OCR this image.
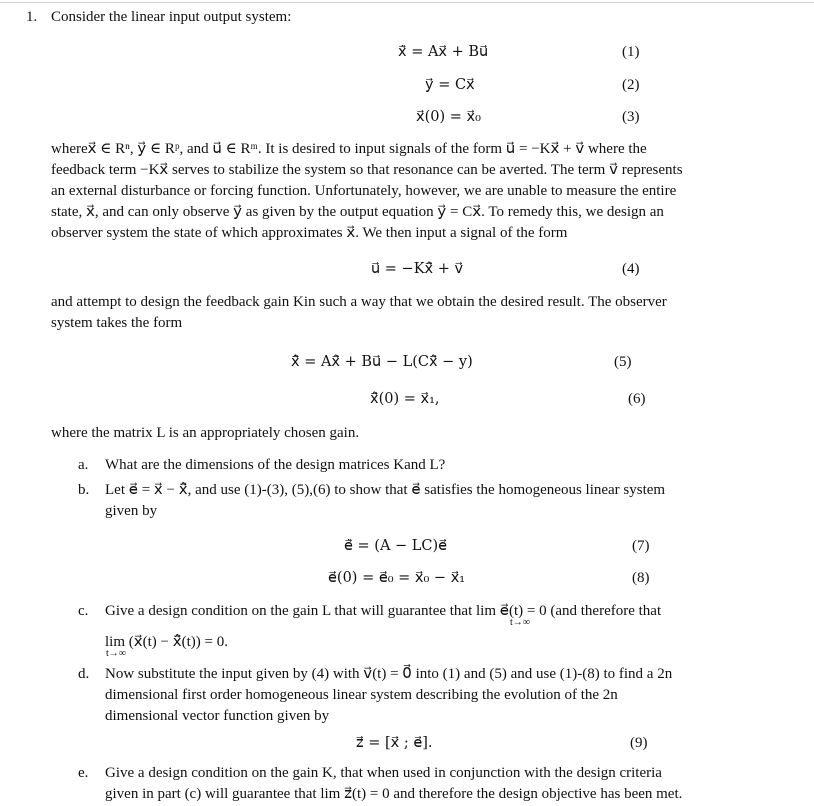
1. Consider the linear input output system:
x⃗̇ = Ax⃗ + Bu⃗	(1)
y⃗ = Cx⃗	(2)
x⃗(0) = x⃗₀	(3)
wherex⃗ ∈ Rⁿ, y⃗ ∈ Rᵖ, and u⃗ ∈ Rᵐ. It is desired to input signals of the form u⃗ = −Kx⃗ + v⃗ where the
feedback term −Kx⃗ serves to stabilize the system so that resonance can be averted. The term v⃗ represents
an external disturbance or forcing function. Unfortunately, however, we are unable to measure the entire
state, x⃗, and can only observe y⃗ as given by the output equation y⃗ = Cx⃗. To remedy this, we design an
observer system the state of which approximates x⃗. We then input a signal of the form
u⃗ = −Kx̂⃗ + v⃗	(4)
and attempt to design the feedback gain Kin such a way that we obtain the desired result. The observer
system takes the form
x̂⃗̇ = Ax̂⃗ + Bu⃗ − L(Cx̂⃗ − y)	(5)
x̂⃗(0) = x⃗₁,	(6)
where the matrix L is an appropriately chosen gain.
a. What are the dimensions of the design matrices Kand L?
b. Let e⃗ = x⃗ − x̂⃗, and use (1)-(3), (5),(6) to show that e⃗ satisfies the homogeneous linear system
given by
e⃗̇ = (A − LC)e⃗	(7)
e⃗(0) = e⃗₀ = x⃗₀ − x⃗₁	(8)
c. Give a design condition on the gain L that will guarantee that lim e⃗(t) = 0 (and therefore that
t→∞
lim (x⃗(t) − x̂⃗(t)) = 0.
t→∞
d. Now substitute the input given by (4) with v⃗(t) = 0⃗ into (1) and (5) and use (1)-(8) to find a 2n
dimensional first order homogeneous linear system describing the evolution of the 2n
dimensional vector function given by
z⃗ = [x⃗ ; e⃗].	(9)
e. Give a design condition on the gain K, that when used in conjunction with the design criteria
given in part (c) will guarantee that lim z⃗(t) = 0 and therefore the design objective has been met.
